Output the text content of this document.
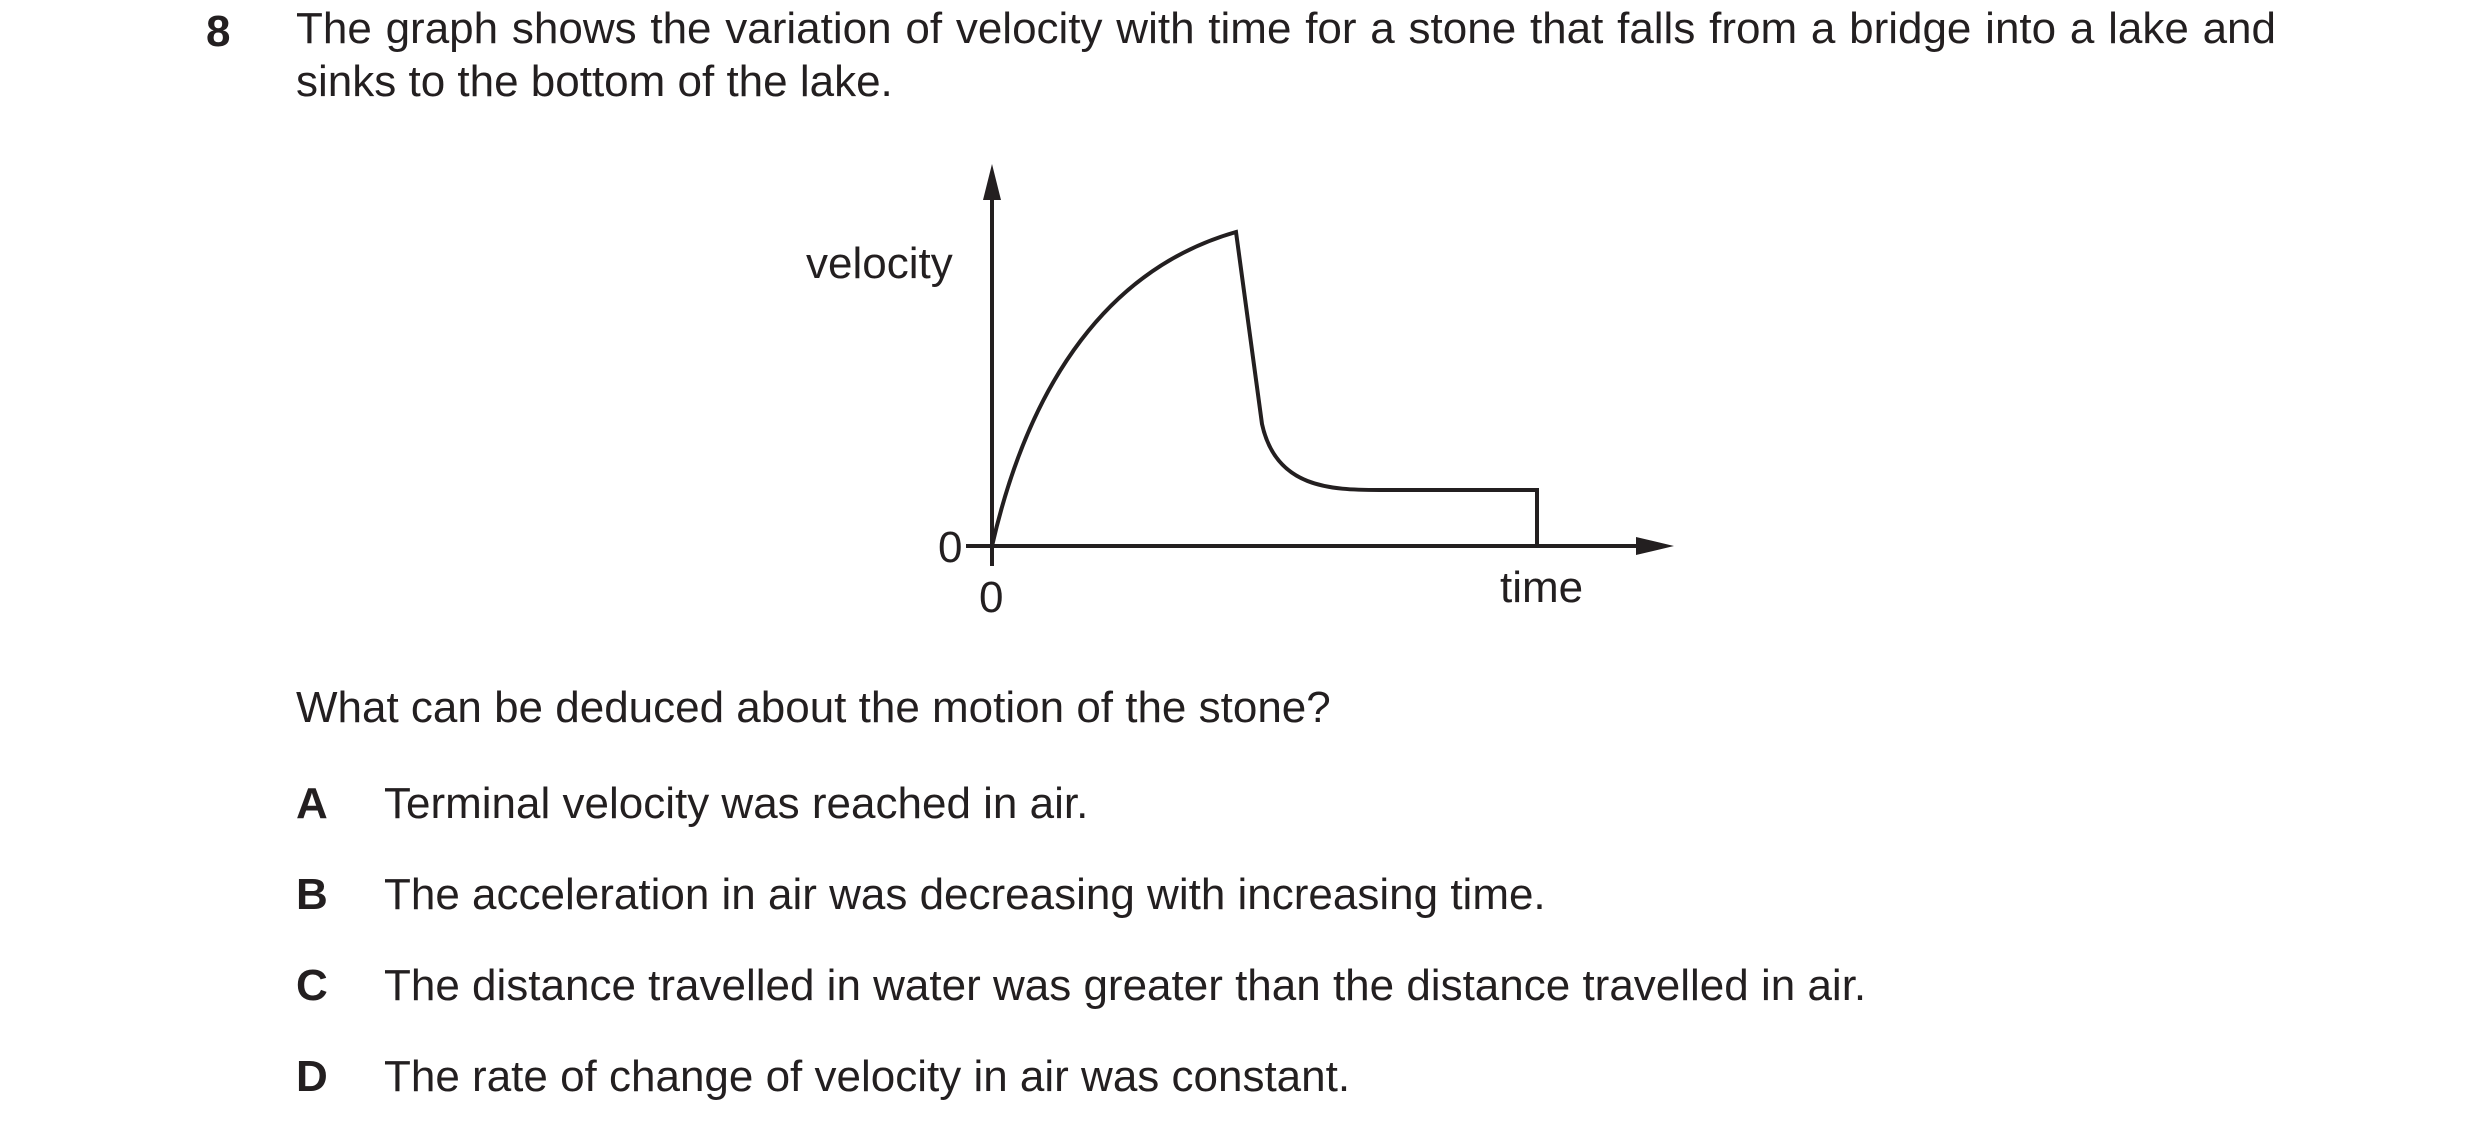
8 The graph shows the variation of velocity with time for a stone that falls from a bridge into a lake and sinks to the bottom of the lake.
velocity
time
0
0

What can be deduced about the motion of the stone?

A	Terminal velocity was reached in air.
B	The acceleration in air was decreasing with increasing time.
C	The distance travelled in water was greater than the distance travelled in air.
D	The rate of change of velocity in air was constant.
